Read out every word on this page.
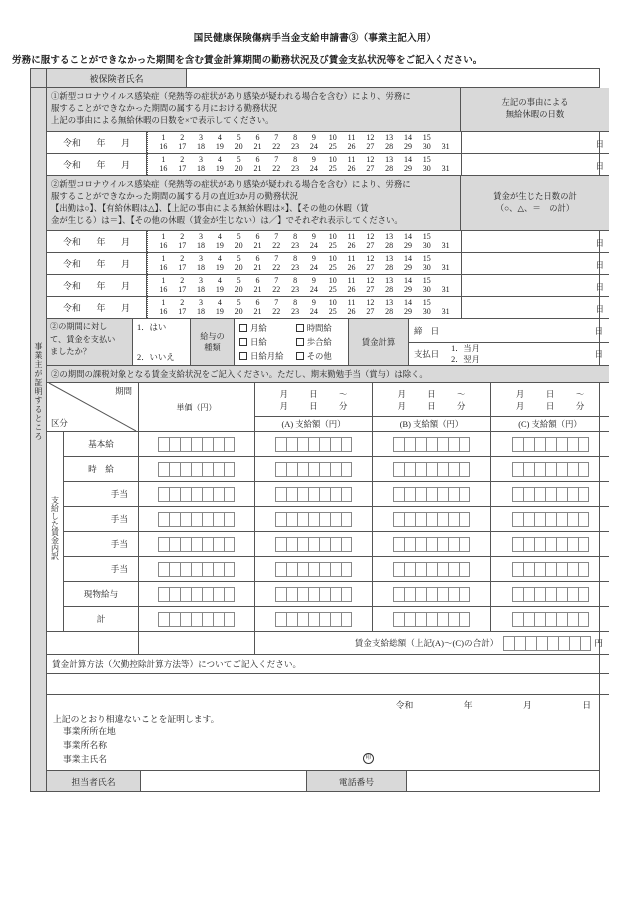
国民健康保険傷病手当金支給申請書③（事業主記入用）
労務に服することができなかった期間を含む賃金計算期間の勤務状況及び賃金支払状況等をご記入ください。
被保険者氏名
事業主が証明するところ
①新型コロナウイルス感染症（発熱等の症状があり感染が疑われる場合を含む）により、労務に
服することができなかった期間の属する月における勤務状況
上記の事由による無給休暇の日数を×で表示してください。
左記の事由による
無給休暇の日数
令和 年 月
1	2	3	4	5	6	7	8	9	10	11	12	13	14	15
16	17	18	19	20	21	22	23	24	25	26	27	28	29	30	31	日
令和 年 月
1	2	3	4	5	6	7	8	9	10	11	12	13	14	15
16	17	18	19	20	21	22	23	24	25	26	27	28	29	30	31	日
②新型コロナウイルス感染症（発熱等の症状があり感染が疑われる場合を含む）により、労務に
服することができなかった期間の属する月の直近3か月の勤務状況
【出勤は○】、【有給休暇は△】、【上記の事由による無給休暇は×】、【その他の休暇（賃
金が生じる）は＝】、【その他の休暇（賃金が生じない）は／】でそれぞれ表示してください。
賃金が生じた日数の計
（○、△、＝　の計）
令和 年 月
1	2	3	4	5	6	7	8	9	10	11	12	13	14	15
16	17	18	19	20	21	22	23	24	25	26	27	28	29	30	31	日
令和 年 月
1	2	3	4	5	6	7	8	9	10	11	12	13	14	15
16	17	18	19	20	21	22	23	24	25	26	27	28	29	30	31	日
令和 年 月
1	2	3	4	5	6	7	8	9	10	11	12	13	14	15
16	17	18	19	20	21	22	23	24	25	26	27	28	29	30	31	日
令和 年 月
1	2	3	4	5	6	7	8	9	10	11	12	13	14	15
16	17	18	19	20	21	22	23	24	25	26	27	28	29	30	31	日
②の期間に対し
て、賃金を支払い
ましたか？
1．はい
2．いいえ
給与の
種類
月給	時間給
日給	歩合給
日給月給	その他
賃金計算
締　日	日
支払日
1．当月
2．翌月
日
②の期間の課税対象となる賃金支給状況をご記入ください。ただし、期末勤勉手当（賞与）は除く。
期間
区分
単価（円）
月	日	～
月	日	分
(A) 支給額（円）
月	日	～
月	日	分
(B) 支給額（円）
月	日	～
月	日	分
(C) 支給額（円）
基本給
時　給
手当
手当
手当
手当
現物給与
計
支給した賃金内訳
賃金支給総額（上記(A)～(C)の合計）	円
賃金計算方法（欠勤控除計算方法等）についてご記入ください。
令和	年	月	日
上記のとおり相違ないことを証明します。
事業所所在地
事業所名称
事業主氏名	印
担当者氏名	電話番号
